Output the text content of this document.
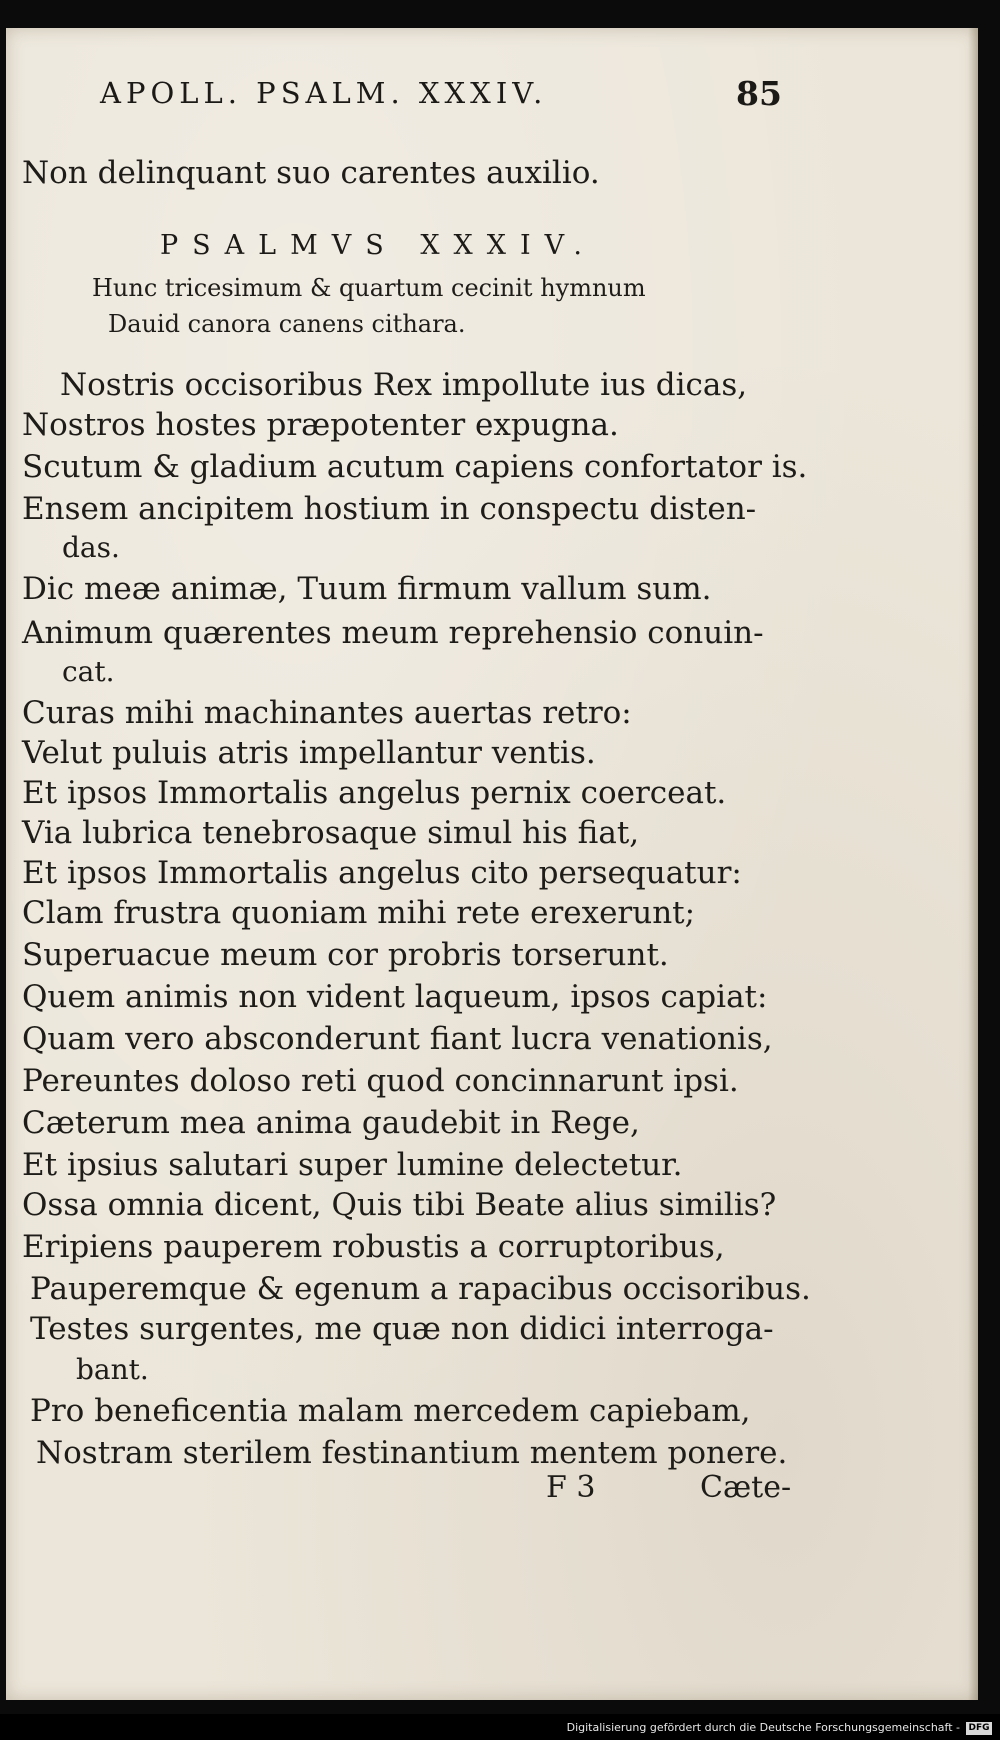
APOLL. PSALM. XXXIV.	85
Non delinquant suo carentes auxilio.
PSALMVS XXXIV.
Hunc tricesimum & quartum cecinit hymnum
Dauid canora canens cithara.
Nostris occisoribus Rex impollute ius dicas,
Nostros hostes præpotenter expugna.
Scutum & gladium acutum capiens confortator is.
Ensem ancipitem hostium in conspectu disten-
das.
Dic meæ animæ, Tuum firmum vallum sum.
Animum quærentes meum reprehensio conuin-
cat.
Curas mihi machinantes auertas retro:
Velut puluis atris impellantur ventis.
Et ipsos Immortalis angelus pernix coerceat.
Via lubrica tenebrosaque simul his fiat,
Et ipsos Immortalis angelus cito persequatur:
Clam frustra quoniam mihi rete erexerunt;
Superuacue meum cor probris torserunt.
Quem animis non vident laqueum, ipsos capiat:
Quam vero absconderunt fiant lucra venationis,
Pereuntes doloso reti quod concinnarunt ipsi.
Cæterum mea anima gaudebit in Rege,
Et ipsius salutari super lumine delectetur.
Ossa omnia dicent, Quis tibi Beate alius similis?
Eripiens pauperem robustis a corruptoribus,
Pauperemque & egenum a rapacibus occisoribus.
Testes surgentes, me quæ non didici interroga-
bant.
Pro beneficentia malam mercedem capiebam,
Nostram sterilem festinantium mentem ponere.
F 3	Cæte-
Digitalisierung gefördert durch die Deutsche Forschungsgemeinschaft - DFG
